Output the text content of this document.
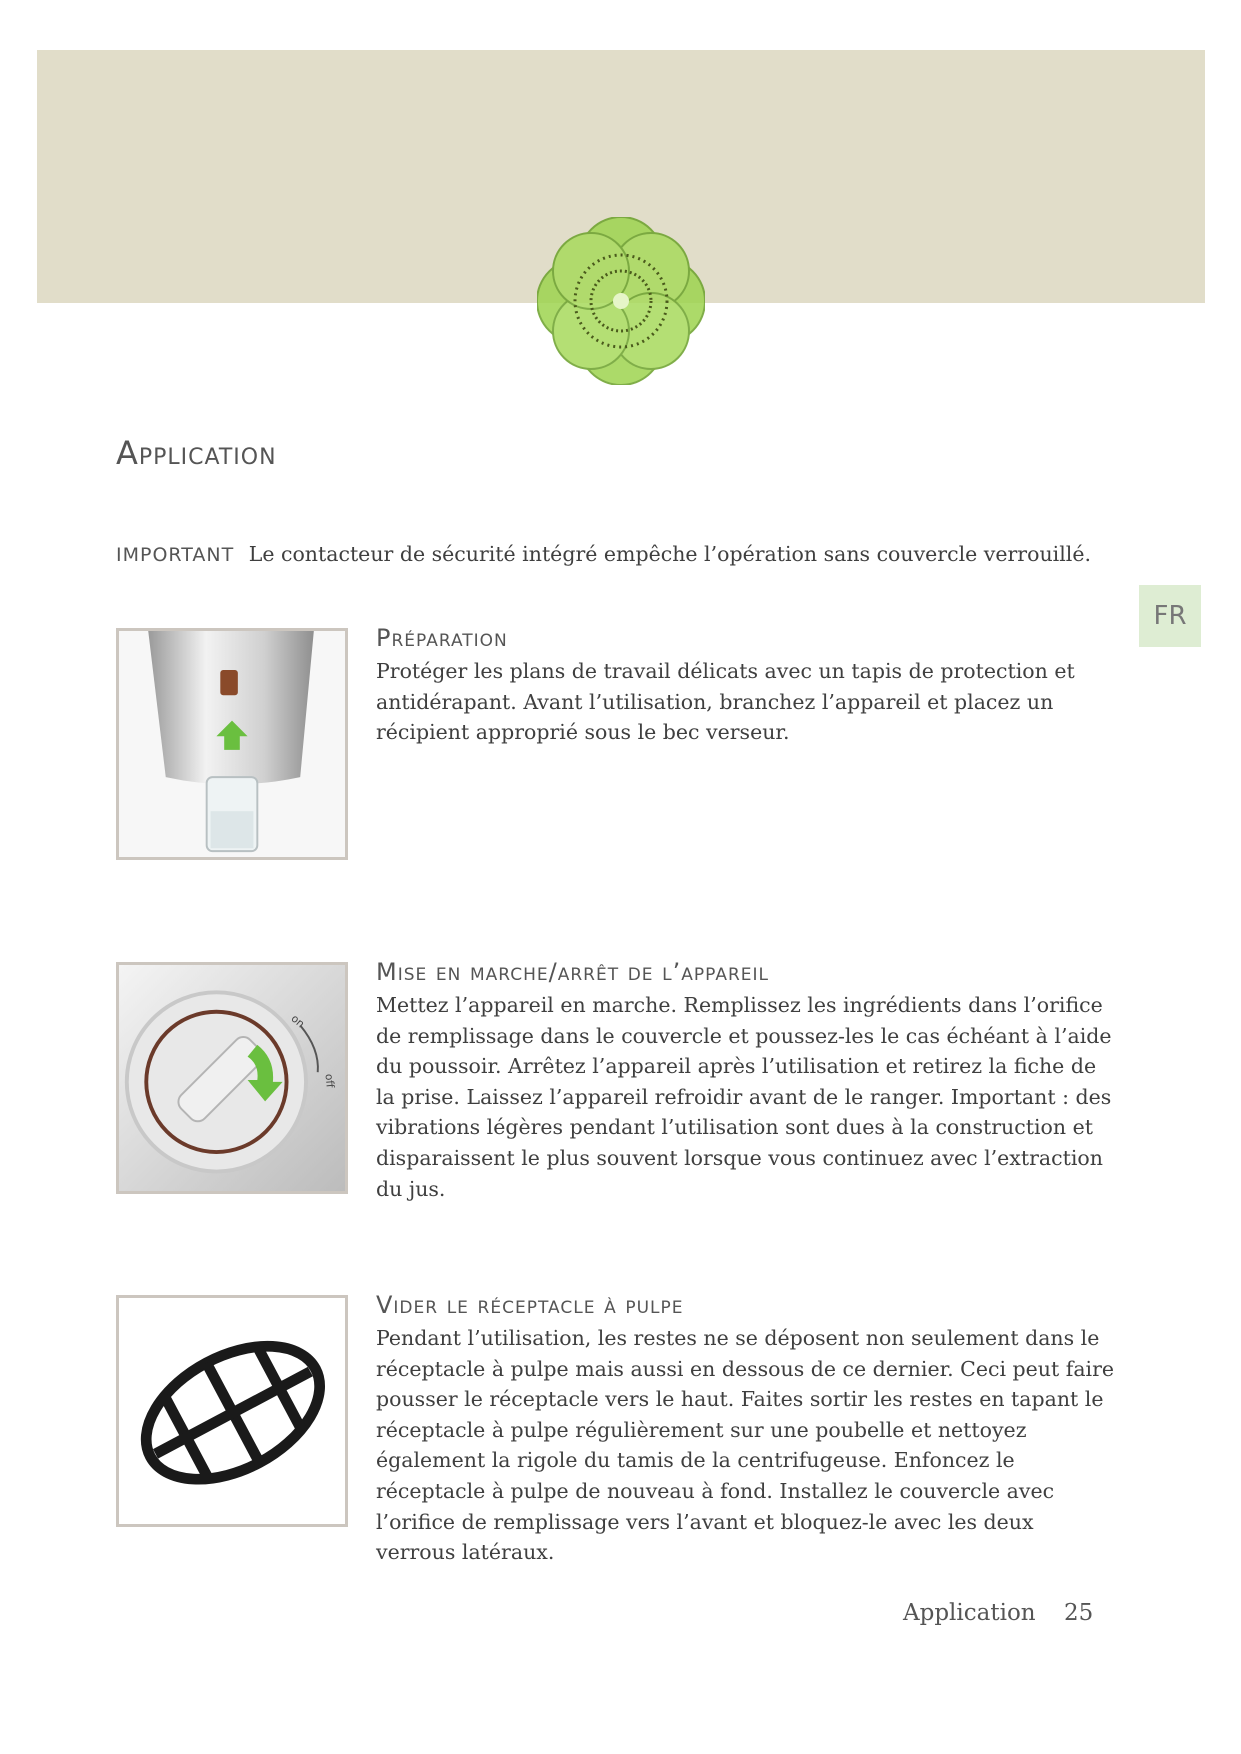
Application
IMPORTANT Le contacteur de sécurité intégré empêche l’opération sans couvercle verrouillé.
FR
Préparation

Protéger les plans de travail délicats avec un tapis de protection et antidérapant. Avant l’utilisation, branchez l’appareil et placez un récipient approprié sous le bec verseur.

on
off
Mise en marche/arrêt de l’appareil

Mettez l’appareil en marche. Remplissez les ingrédients dans l’orifice de remplissage dans le couvercle et poussez-les le cas échéant à l’aide du poussoir. Arrêtez l’appareil après l’utilisation et retirez la fiche de la prise. Laissez l’appareil refroidir avant de le ranger. Important : des vibrations légères pendant l’utilisation sont dues à la construction et disparaissent le plus souvent lorsque vous continuez avec l’extraction du jus.

Vider le réceptacle à pulpe

Pendant l’utilisation, les restes ne se déposent non seulement dans le réceptacle à pulpe mais aussi en dessous de ce dernier. Ceci peut faire pousser le réceptacle vers le haut. Faites sortir les restes en tapant le réceptacle à pulpe régulièrement sur une poubelle et nettoyez également la rigole du tamis de la centrifugeuse. Enfoncez le réceptacle à pulpe de nouveau à fond. Installez le couvercle avec l’orifice de remplissage vers l’avant et bloquez-le avec les deux verrous latéraux.

Application 25
